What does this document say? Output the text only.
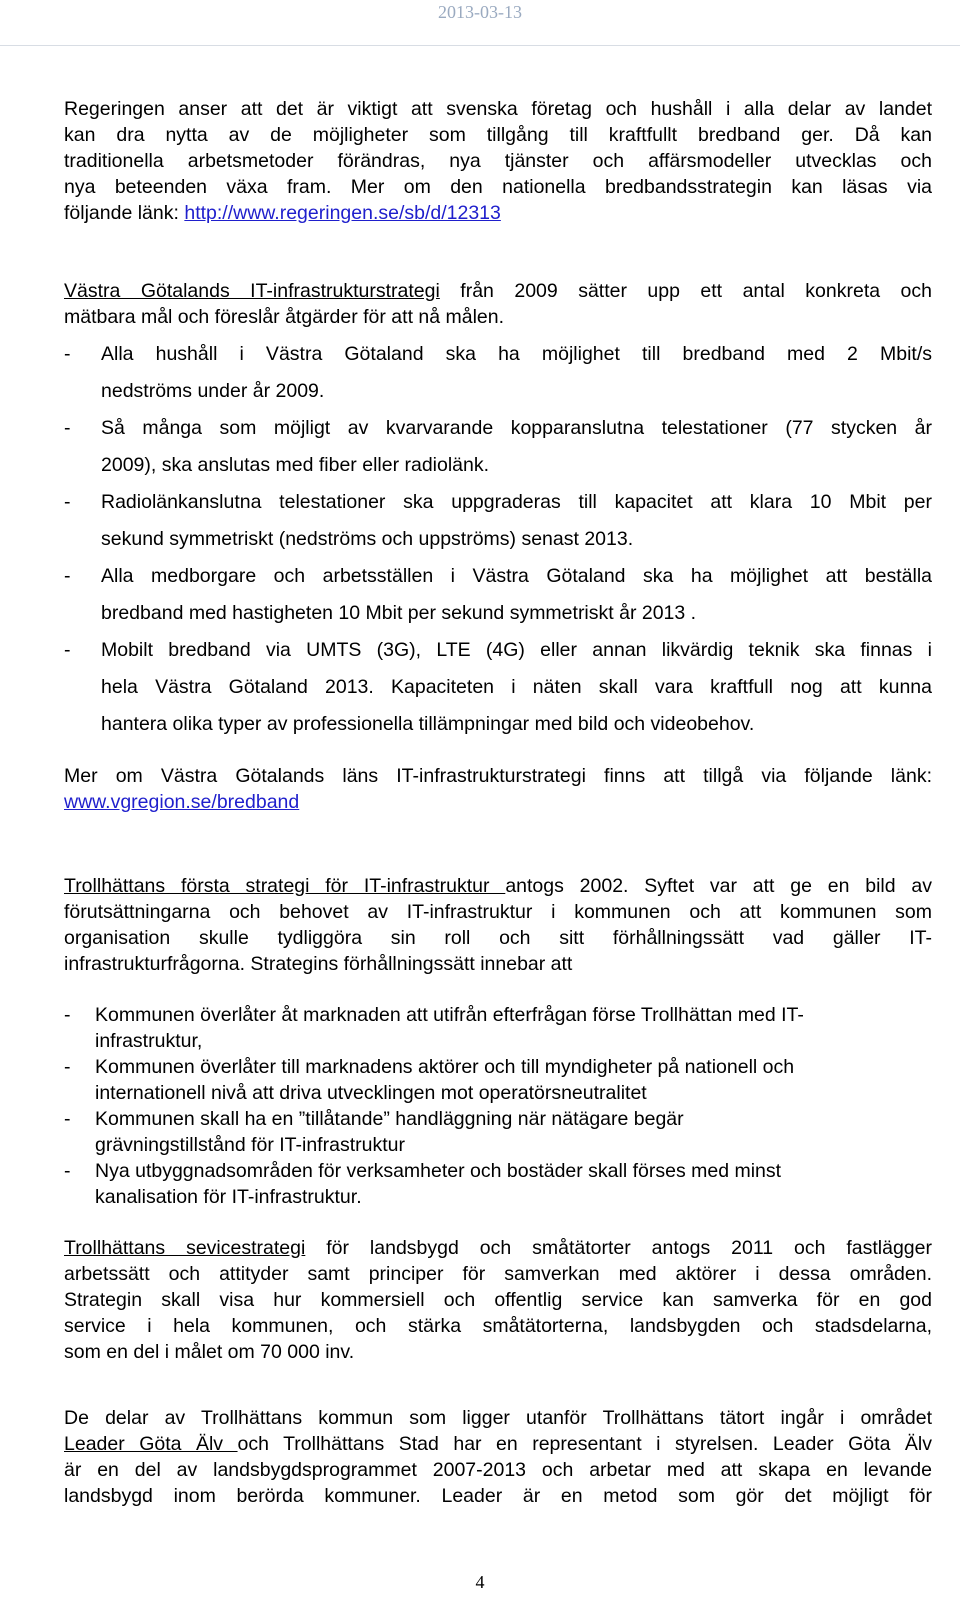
2013-03-13
Regeringen anser att det är viktigt att svenska företag och hushåll i alla delar av landet
kan dra nytta av de möjligheter som tillgång till kraftfullt bredband ger. Då kan
traditionella arbetsmetoder förändras, nya tjänster och affärsmodeller utvecklas och
nya beteenden växa fram. Mer om den nationella bredbandsstrategin kan läsas via
följande länk: http://www.regeringen.se/sb/d/12313
Västra Götalands IT-infrastrukturstrategi från 2009 sätter upp ett antal konkreta och
mätbara mål och föreslår åtgärder för att nå målen.
- Alla hushåll i Västra Götaland ska ha möjlighet till bredband med 2 Mbit/s
nedströms under år 2009.
- Så många som möjligt av kvarvarande kopparanslutna telestationer (77 stycken år
2009), ska anslutas med fiber eller radiolänk.
- Radiolänkanslutna telestationer ska uppgraderas till kapacitet att klara 10 Mbit per
sekund symmetriskt (nedströms och uppströms) senast 2013.
- Alla medborgare och arbetsställen i Västra Götaland ska ha möjlighet att beställa
bredband med hastigheten 10 Mbit per sekund symmetriskt år 2013 .
- Mobilt bredband via UMTS (3G), LTE (4G) eller annan likvärdig teknik ska finnas i
hela Västra Götaland 2013. Kapaciteten i näten skall vara kraftfull nog att kunna
hantera olika typer av professionella tillämpningar med bild och videobehov.
Mer om Västra Götalands läns IT-infrastrukturstrategi finns att tillgå via följande länk:
www.vgregion.se/bredband
Trollhättans första strategi för IT-infrastruktur antogs 2002. Syftet var att ge en bild av
förutsättningarna och behovet av IT-infrastruktur i kommunen och att kommunen som
organisation skulle tydliggöra sin roll och sitt förhållningssätt vad gäller IT-
infrastrukturfrågorna. Strategins förhållningssätt innebar att
- Kommunen överlåter åt marknaden att utifrån efterfrågan förse Trollhättan med IT-
infrastruktur,
- Kommunen överlåter till marknadens aktörer och till myndigheter på nationell och
internationell nivå att driva utvecklingen mot operatörsneutralitet
- Kommunen skall ha en ”tillåtande” handläggning när nätägare begär
grävningstillstånd för IT-infrastruktur
- Nya utbyggnadsområden för verksamheter och bostäder skall förses med minst
kanalisation för IT-infrastruktur.
Trollhättans sevicestrategi för landsbygd och småtätorter antogs 2011 och fastlägger
arbetssätt och attityder samt principer för samverkan med aktörer i dessa områden.
Strategin skall visa hur kommersiell och offentlig service kan samverka för en god
service i hela kommunen, och stärka småtätorterna, landsbygden och stadsdelarna,
som en del i målet om 70 000 inv.
De delar av Trollhättans kommun som ligger utanför Trollhättans tätort ingår i området
Leader Göta Älv och Trollhättans Stad har en representant i styrelsen. Leader Göta Älv
är en del av landsbygdsprogrammet 2007-2013 och arbetar med att skapa en levande
landsbygd inom berörda kommuner. Leader är en metod som gör det möjligt för
4
